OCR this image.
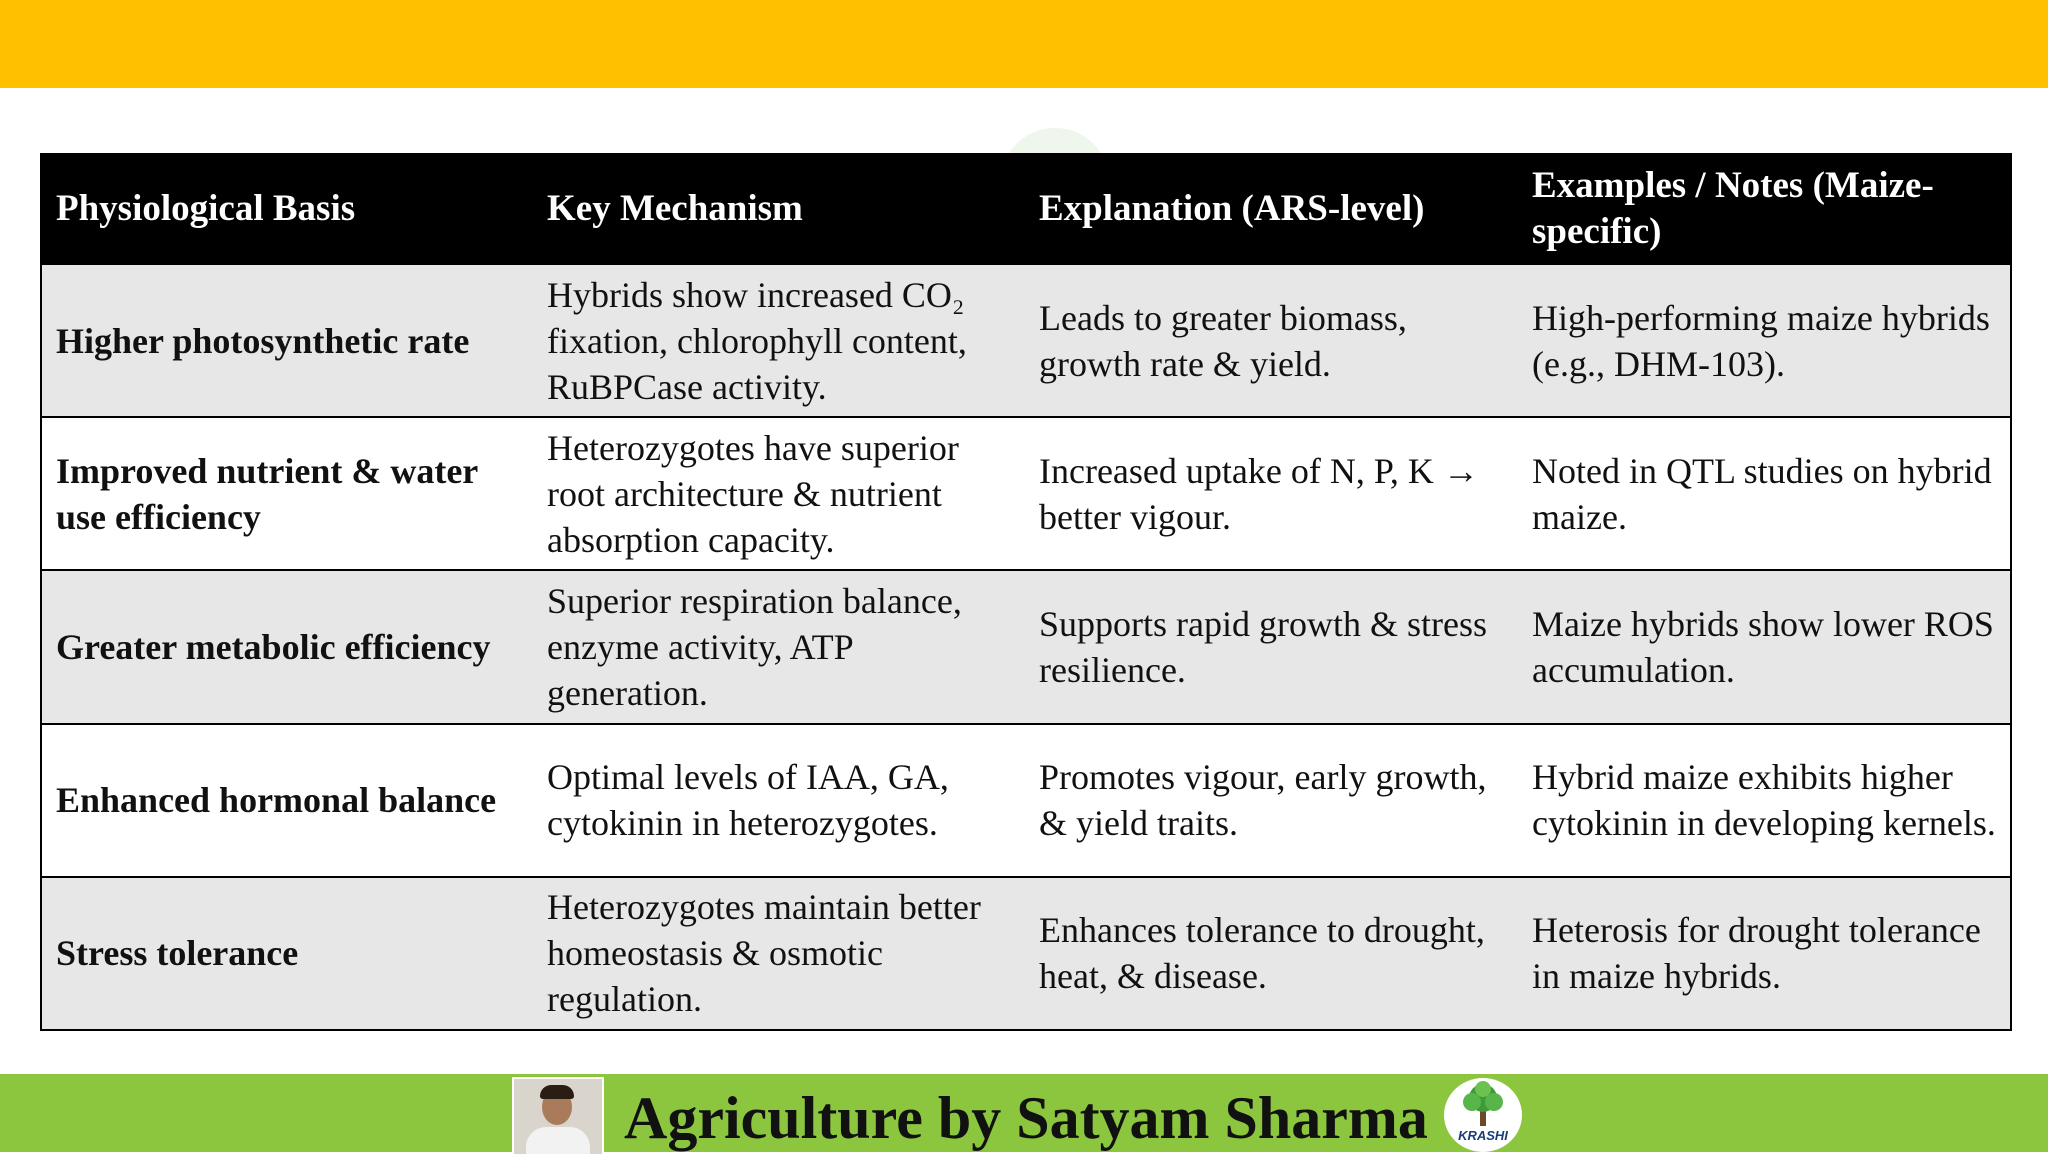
Physiological Basis	Key Mechanism	Explanation (ARS-level)	Examples / Notes (Maize-specific)
Higher photosynthetic rate	Hybrids show increased CO₂ fixation, chlorophyll content, RuBPCase activity.	Leads to greater biomass, growth rate & yield.	High-performing maize hybrids (e.g., DHM-103).
Improved nutrient & water use efficiency	Heterozygotes have superior root architecture & nutrient absorption capacity.	Increased uptake of N, P, K → better vigour.	Noted in QTL studies on hybrid maize.
Greater metabolic efficiency	Superior respiration balance, enzyme activity, ATP generation.	Supports rapid growth & stress resilience.	Maize hybrids show lower ROS accumulation.
Enhanced hormonal balance	Optimal levels of IAA, GA, cytokinin in heterozygotes.	Promotes vigour, early growth, & yield traits.	Hybrid maize exhibits higher cytokinin in developing kernels.
Stress tolerance	Heterozygotes maintain better homeostasis & osmotic regulation.	Enhances tolerance to drought, heat, & disease.	Heterosis for drought tolerance in maize hybrids.
Agriculture by Satyam Sharma	KRASHI
